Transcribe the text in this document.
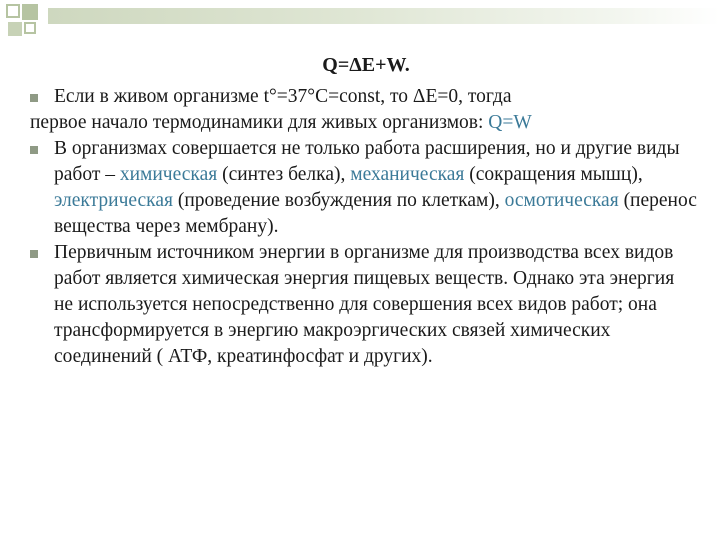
Q=ΔE+W.
Если в живом организме t°=37°C=const, то ΔE=0, тогда
первое начало термодинамики для живых организмов: Q=W
В организмах совершается не только работа расширения, но и другие виды работ – химическая (синтез белка), механическая (сокращения мышц), электрическая (проведение возбуждения по клеткам), осмотическая (перенос вещества через мембрану).
Первичным источником энергии в организме для производства всех видов работ является химическая энергия пищевых веществ. Однако эта энергия не используется непосредственно для совершения всех видов работ; она трансформируется в энергию макроэргических связей химических соединений ( АТФ, креатинфосфат и других).
